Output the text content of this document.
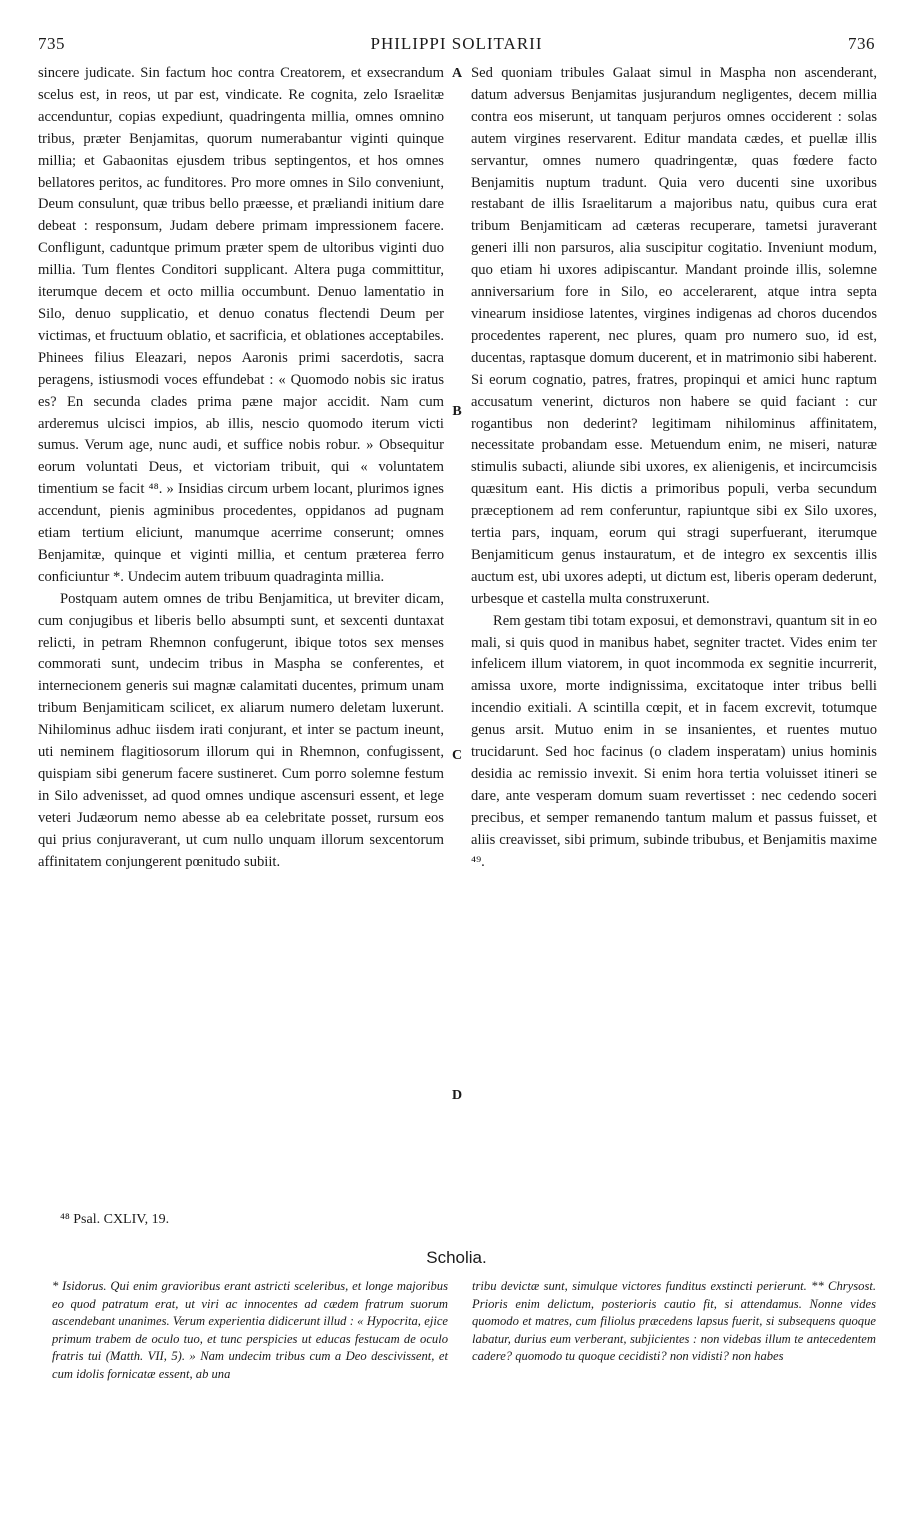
735	PHILIPPI SOLITARII	736

sincere judicate. Sin factum hoc contra Creatorem, et exsecrandum scelus est, in reos, ut par est, vindicate. Re cognita, zelo Israelitæ accenduntur, copias expediunt, quadringenta millia, omnes omnino tribus, præter Benjamitas, quorum numerabantur viginti quinque millia; et Gabaonitas ejusdem tribus septingentos, et hos omnes bellatores peritos, ac funditores. Pro more omnes in Silo conveniunt, Deum consulunt, quæ tribus bello præesse, et præliandi initium dare debeat : responsum, Judam debere primam impressionem facere. Confligunt, caduntque primum præter spem de ultoribus viginti duo millia. Tum flentes Conditori supplicant. Altera puga committitur, iterumque decem et octo millia occumbunt. Denuo lamentatio in Silo, denuo supplicatio, et denuo conatus flectendi Deum per victimas, et fructuum oblatio, et sacrificia, et oblationes acceptabiles. Phinees filius Eleazari, nepos Aaronis primi sacerdotis, sacra peragens, istiusmodi voces effundebat : « Quomodo nobis sic iratus es? En secunda clades prima pæne major accidit. Nam cum arderemus ulcisci impios, ab illis, nescio quomodo iterum victi sumus. Verum age, nunc audi, et suffice nobis robur. » Obsequitur eorum voluntati Deus, et victoriam tribuit, qui « voluntatem timentium se facit ⁴⁸. » Insidias circum urbem locant, plurimos ignes accendunt, pienis agminibus procedentes, oppidanos ad pugnam etiam tertium eliciunt, manumque acerrime conserunt; omnes Benjamitæ, quinque et viginti millia, et centum præterea ferro conficiuntur *. Undecim autem tribuum quadraginta millia.

Postquam autem omnes de tribu Benjamitica, ut breviter dicam, cum conjugibus et liberis bello absumpti sunt, et sexcenti duntaxat relicti, in petram Rhemnon confugerunt, ibique totos sex menses commorati sunt, undecim tribus in Maspha se conferentes, et internecionem generis sui magnæ calamitati ducentes, primum unam tribum Benjamiticam scilicet, ex aliarum numero deletam luxerunt. Nihilominus adhuc iisdem irati conjurant, et inter se pactum ineunt, uti neminem flagitiosorum illorum qui in Rhemnon, confugissent, quispiam sibi generum facere sustineret. Cum porro solemne festum in Silo advenisset, ad quod omnes undique ascensuri essent, et lege veteri Judæorum nemo abesse ab ea celebritate posset, rursum eos qui prius conjuraverant, ut cum nullo unquam illorum sexcentorum affinitatem conjungerent pœnitudo subiit.

A
B
C
D

Sed quoniam tribules Galaat simul in Maspha non ascenderant, datum adversus Benjamitas jusjurandum negligentes, decem millia contra eos miserunt, ut tanquam perjuros omnes occiderent : solas autem virgines reservarent. Editur mandata cædes, et puellæ illis servantur, omnes numero quadringentæ, quas fœdere facto Benjamitis nuptum tradunt. Quia vero ducenti sine uxoribus restabant de illis Israelitarum a majoribus natu, quibus cura erat tribum Benjamiticam ad cæteras recuperare, tametsi juraverant generi illi non parsuros, alia suscipitur cogitatio. Inveniunt modum, quo etiam hi uxores adipiscantur. Mandant proinde illis, solemne anniversarium fore in Silo, eo accelerarent, atque intra septa vinearum insidiose latentes, virgines indigenas ad choros ducendos procedentes raperent, nec plures, quam pro numero suo, id est, ducentas, raptasque domum ducerent, et in matrimonio sibi haberent. Si eorum cognatio, patres, fratres, propinqui et amici hunc raptum accusatum venerint, dicturos non habere se quid faciant : cur rogantibus non dederint? legitimam nihilominus affinitatem, necessitate probandam esse. Metuendum enim, ne miseri, naturæ stimulis subacti, aliunde sibi uxores, ex alienigenis, et incircumcisis quæsitum eant. His dictis a primoribus populi, verba secundum præceptionem ad rem conferuntur, rapiuntque sibi ex Silo uxores, tertia pars, inquam, eorum qui stragi superfuerant, iterumque Benjamiticum genus instauratum, et de integro ex sexcentis illis auctum est, ubi uxores adepti, ut dictum est, liberis operam dederunt, urbesque et castella multa construxerunt.

Rem gestam tibi totam exposui, et demonstravi, quantum sit in eo mali, si quis quod in manibus habet, segniter tractet. Vides enim ter infelicem illum viatorem, in quot incommoda ex segnitie incurrerit, amissa uxore, morte indignissima, excitatoque inter tribus belli incendio exitiali. A scintilla cœpit, et in facem excrevit, totumque genus arsit. Mutuo enim in se insanientes, et ruentes mutuo trucidarunt. Sed hoc facinus (o cladem insperatam) unius hominis desidia ac remissio invexit. Si enim hora tertia voluisset itineri se dare, ante vesperam domum suam revertisset : nec cedendo soceri precibus, et semper remanendo tantum malum et passus fuisset, et aliis creavisset, sibi primum, subinde tribubus, et Benjamitis maxime ⁴⁹.

⁴⁸ Psal. CXLIV, 19.
Scholia.

* Isidorus. Qui enim gravioribus erant astricti sceleribus, et longe majoribus eo quod patratum erat, ut viri ac innocentes ad cædem fratrum suorum ascendebant unanimes. Verum experientia didicerunt illud : « Hypocrita, ejice primum trabem de oculo tuo, et tunc perspicies ut educas festucam de oculo fratris tui (Matth. VII, 5). » Nam undecim tribus cum a Deo descivissent, et cum idolis fornicatæ essent, ab una

tribu devictæ sunt, simulque victores funditus exstincti perierunt. ** Chrysost. Prioris enim delictum, posterioris cautio fit, si attendamus. Nonne vides quomodo et matres, cum filiolus præcedens lapsus fuerit, si subsequens quoque labatur, durius eum verberant, subjicientes : non videbas illum te antecedentem cadere? quomodo tu quoque cecidisti? non vidisti? non habes
